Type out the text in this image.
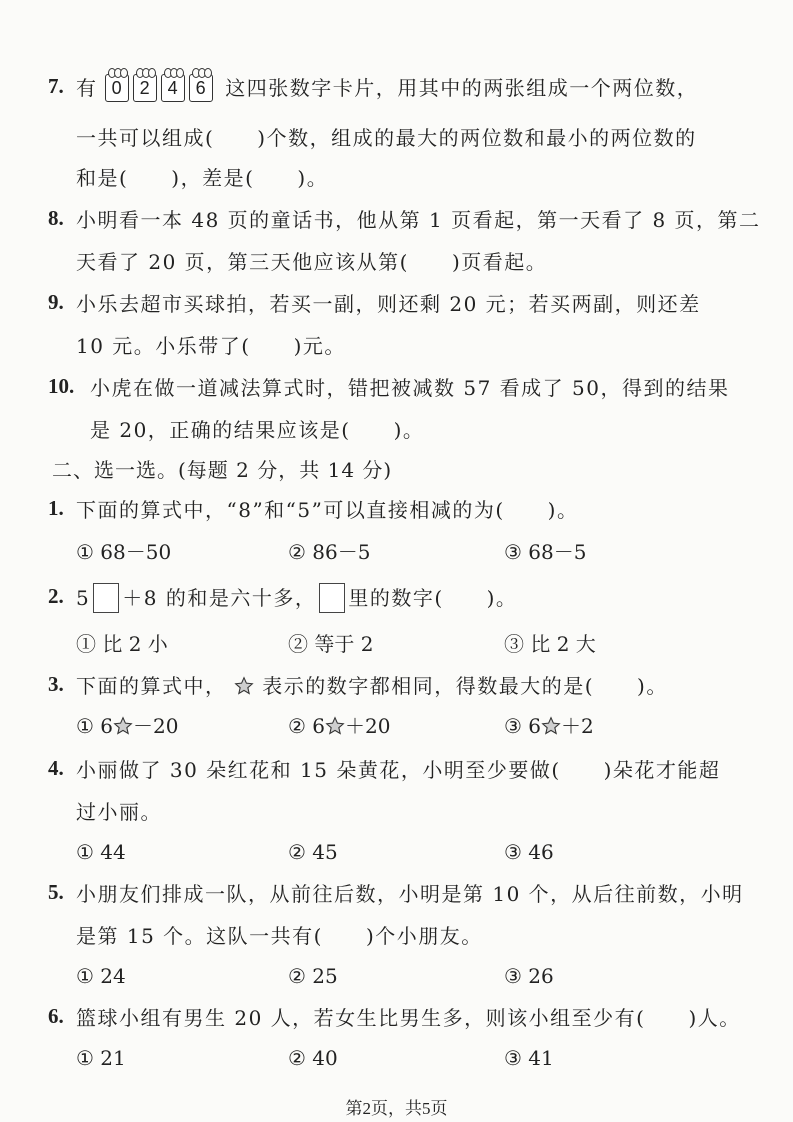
7. 有 0 2 4 6 这四张数字卡片，用其中的两张组成一个两位数，
一共可以组成(　　)个数，组成的最大的两位数和最小的两位数的
和是(　　)，差是(　　)。
8. 小明看一本 48 页的童话书，他从第 1 页看起，第一天看了 8 页，第二
天看了 20 页，第三天他应该从第(　　)页看起。
9. 小乐去超市买球拍，若买一副，则还剩 20 元；若买两副，则还差
10 元。小乐带了(　　)元。
10. 小虎在做一道减法算式时，错把被减数 57 看成了 50，得到的结果
是 20，正确的结果应该是(　　)。
二、选一选。(每题 2 分，共 14 分)
1. 下面的算式中，“8”和“5”可以直接相减的为(　　)。
① 68－50	② 86－5	③ 68－5
2. 5 ＋8 的和是六十多， 里的数字(　　)。
① 比 2 小	② 等于 2	③ 比 2 大
3. 下面的算式中， 表示的数字都相同，得数最大的是(　　)。
① 6 －20	② 6 ＋20	③ 6 ＋2
4. 小丽做了 30 朵红花和 15 朵黄花，小明至少要做(　　)朵花才能超
过小丽。
① 44	② 45	③ 46
5. 小朋友们排成一队，从前往后数，小明是第 10 个，从后往前数，小明
是第 15 个。这队一共有(　　)个小朋友。
① 24	② 25	③ 26
6. 篮球小组有男生 20 人，若女生比男生多，则该小组至少有(　　)人。
① 21	② 40	③ 41
第2页，共5页
